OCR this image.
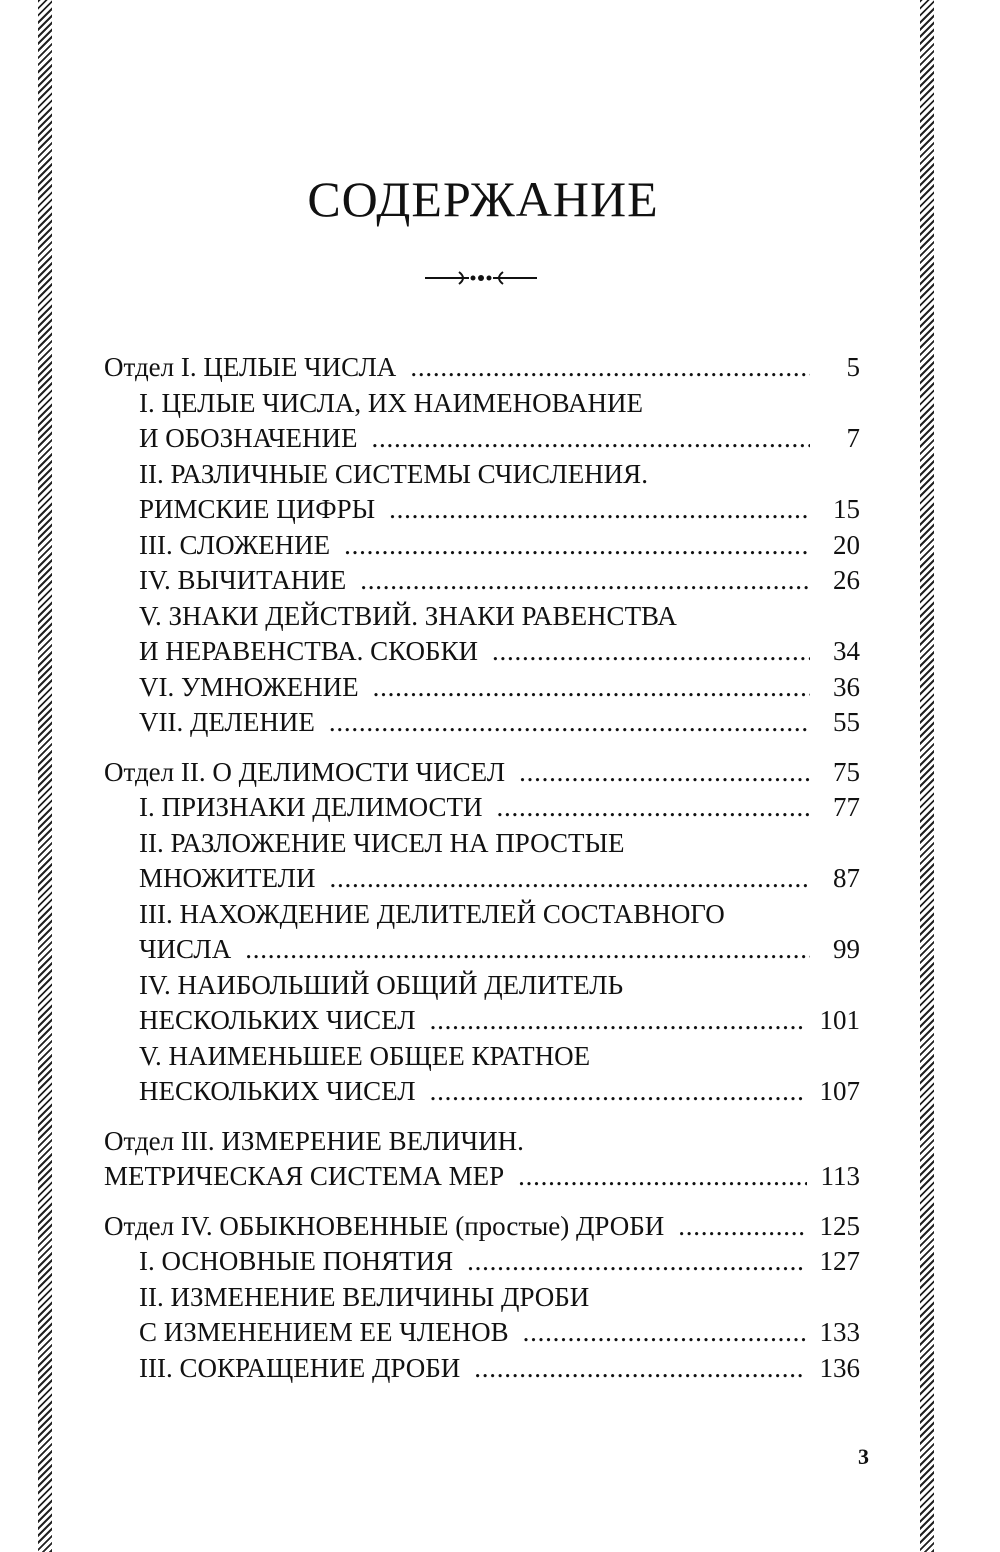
СОДЕРЖАНИЕ
Отдел I. ЦЕЛЫЕ ЧИСЛА . . .	5
I. ЦЕЛЫЕ ЧИСЛА, ИХ НАИМЕНОВАНИЕ
И ОБОЗНАЧЕНИЕ . . .	7
II. РАЗЛИЧНЫЕ СИСТЕМЫ СЧИСЛЕНИЯ.
РИМСКИЕ ЦИФРЫ . . .	15
III. СЛОЖЕНИЕ . . .	20
IV. ВЫЧИТАНИЕ . . .	26
V. ЗНАКИ ДЕЙСТВИЙ. ЗНАКИ РАВЕНСТВА
И НЕРАВЕНСТВА. СКОБКИ . . .	34
VI. УМНОЖЕНИЕ . . .	36
VII. ДЕЛЕНИЕ . . .	55
Отдел II. О ДЕЛИМОСТИ ЧИСЕЛ . . .	75
I. ПРИЗНАКИ ДЕЛИМОСТИ . . .	77
II. РАЗЛОЖЕНИЕ ЧИСЕЛ НА ПРОСТЫЕ
МНОЖИТЕЛИ . . .	87
III. НАХОЖДЕНИЕ ДЕЛИТЕЛЕЙ СОСТАВНОГО
ЧИСЛА . . .	99
IV. НАИБОЛЬШИЙ ОБЩИЙ ДЕЛИТЕЛЬ
НЕСКОЛЬКИХ ЧИСЕЛ . . .	101
V. НАИМЕНЬШЕЕ ОБЩЕЕ КРАТНОЕ
НЕСКОЛЬКИХ ЧИСЕЛ . . .	107
Отдел III. ИЗМЕРЕНИЕ ВЕЛИЧИН.
МЕТРИЧЕСКАЯ СИСТЕМА МЕР . . .	113
Отдел IV. ОБЫКНОВЕННЫЕ (простые) ДРОБИ . . .	125
I. ОСНОВНЫЕ ПОНЯТИЯ . . .	127
II. ИЗМЕНЕНИЕ ВЕЛИЧИНЫ ДРОБИ
С ИЗМЕНЕНИЕМ ЕЕ ЧЛЕНОВ . . .	133
III. СОКРАЩЕНИЕ ДРОБИ . . .	136
3
